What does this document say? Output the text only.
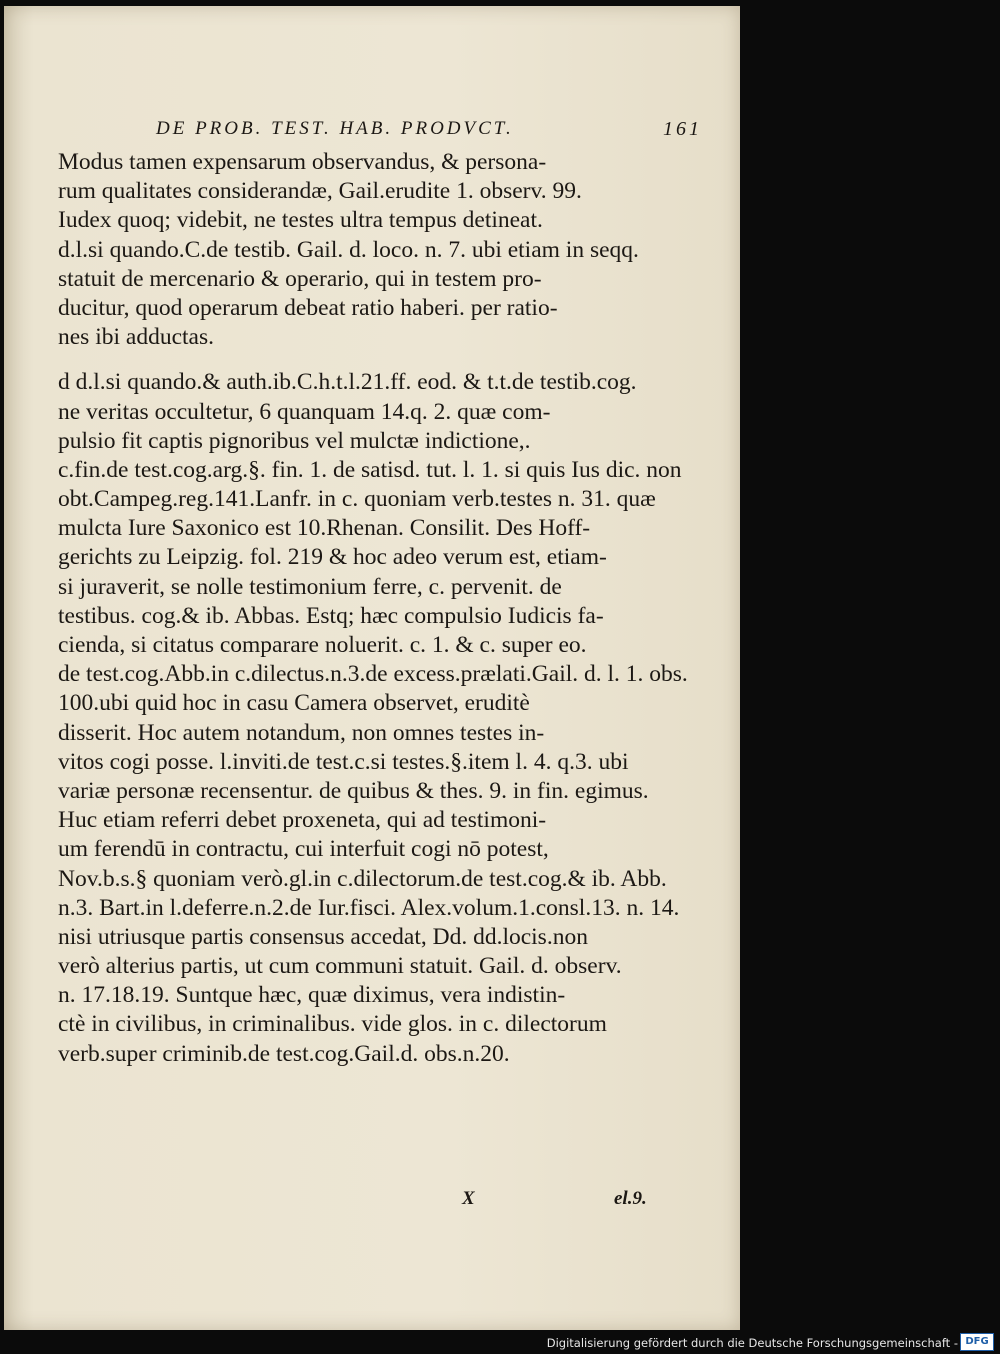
DE PROB. TEST. HAB. PRODVCT.	161
Modus tamen expensarum observandus, & persona-
rum qualitates considerandæ, Gail.erudite 1. observ. 99.
Iudex quoq; videbit, ne testes ultra tempus detineat.
d.l.si quando.C.de testib. Gail. d. loco. n. 7. ubi etiam in seqq.
statuit de mercenario & operario, qui in testem pro-
ducitur, quod operarum debeat ratio haberi. per ratio-
nes ibi adductas.
d d.l.si quando.& auth.ib.C.h.t.l.21.ff. eod. & t.t.de testib.cog.
ne veritas occultetur, 6 quanquam 14.q. 2. quæ com-
pulsio fit captis pignoribus vel mulctæ indictione,.
c.fin.de test.cog.arg.§. fin. 1. de satisd. tut. l. 1. si quis Ius dic. non
obt.Campeg.reg.141.Lanfr. in c. quoniam verb.testes n. 31. quæ
mulcta Iure Saxonico est 10.Rhenan. Consilit. Des Hoff-
gerichts zu Leipzig. fol. 219 & hoc adeo verum est, etiam-
si juraverit, se nolle testimonium ferre, c. pervenit. de
testibus. cog.& ib. Abbas. Estq; hæc compulsio Iudicis fa-
cienda, si citatus comparare noluerit. c. 1. & c. super eo.
de test.cog.Abb.in c.dilectus.n.3.de excess.prælati.Gail. d. l. 1. obs.
100.ubi quid hoc in casu Camera observet, eruditè
disserit. Hoc autem notandum, non omnes testes in-
vitos cogi posse. l.inviti.de test.c.si testes.§.item l. 4. q.3. ubi
variæ personæ recensentur. de quibus & thes. 9. in fin. egimus.
Huc etiam referri debet proxeneta, qui ad testimoni-
um ferendū in contractu, cui interfuit cogi nō potest,
Nov.b.s.§ quoniam verò.gl.in c.dilectorum.de test.cog.& ib. Abb.
n.3. Bart.in l.deferre.n.2.de Iur.fisci. Alex.volum.1.consl.13. n. 14.
nisi utriusque partis consensus accedat, Dd. dd.locis.non
verò alterius partis, ut cum communi statuit. Gail. d. observ.
n. 17.18.19. Suntque hæc, quæ diximus, vera indistin-
ctè in civilibus, in criminalibus. vide glos. in c. dilectorum
verb.super criminib.de test.cog.Gail.d. obs.n.20.
X	el.9.
Digitalisierung gefördert durch die Deutsche Forschungsgemeinschaft - DFG
